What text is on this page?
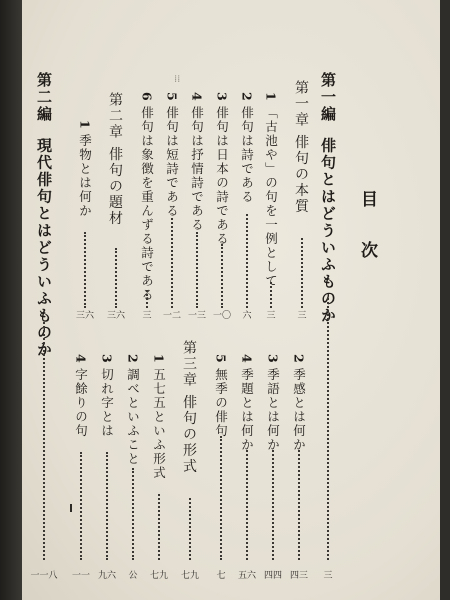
目 次
第一編  俳句とはどういふものか
三
第一章 俳句の本質
三
1「古池や」の句を一例として
三
2俳句は詩である
六
3俳句は日本の詩である
一〇
4俳句は抒情詩である
一三
5俳句は短詩である
一二
6俳句は象徴を重んずる詩である
三
第二章 俳句の題材
三六
1季物とは何か
三六
第二編  現代俳句とはどういふものか
一一八
⁞⁞
2季感とは何か
四三
3季語とは何か
四四
4季題とは何か
五六
5無季の俳句
七
第三章 俳句の形式
七九
1五七五といふ形式
七九
2調べといふこと
公
3切れ字とは
九六
4字餘りの句
一一
